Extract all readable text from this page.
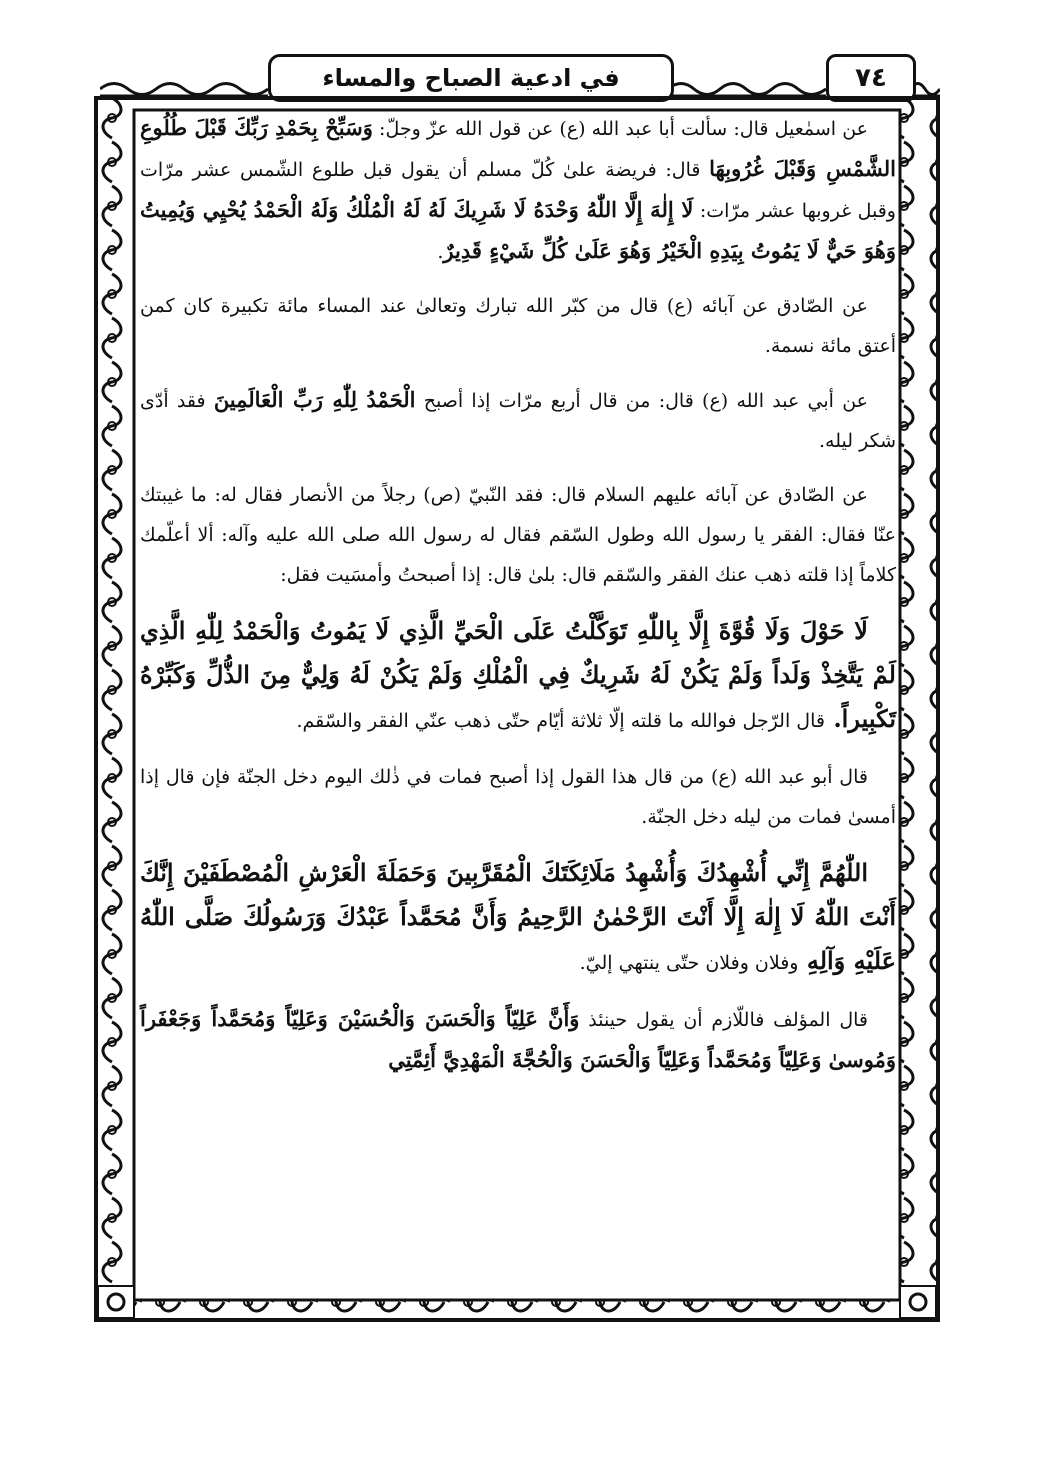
في ادعية الصباح والمساء	٧٤

عن اسمٰعيل قال: سألت أبا عبد الله (ع) عن قول الله عزّ وجلّ: وَسَبِّحْ بِحَمْدِ رَبِّكَ قَبْلَ طُلُوعِ الشَّمْسِ وَقَبْلَ غُرُوبِهَا قال: فريضة علىٰ كُلّ مسلم أن يقول قبل طلوع الشّمس عشر مرّات وقبل غروبها عشر مرّات: لَا إِلٰهَ إِلَّا اللّٰهُ وَحْدَهُ لَا شَرِيكَ لَهُ لَهُ الْمُلْكُ وَلَهُ الْحَمْدُ يُحْيِي وَيُمِيتُ وَهُوَ حَيٌّ لَا يَمُوتُ بِيَدِهِ الْخَيْرُ وَهُوَ عَلَىٰ كُلِّ شَيْءٍ قَدِيرٌ.

عن الصّادق عن آبائه (ع) قال من كبّر الله تبارك وتعالىٰ عند المساء مائة تكبيرة كان كمن أعتق مائة نسمة.

عن أبي عبد الله (ع) قال: من قال أربع مرّات إذا أصبح الْحَمْدُ لِلّٰهِ رَبِّ الْعَالَمِينَ فقد أدّى شكر ليله.

عن الصّادق عن آبائه عليهم السلام قال: فقد النّبيّ (ص) رجلاً من الأنصار فقال له: ما غيبتك عنّا فقال: الفقر يا رسول الله وطول السّقم فقال له رسول الله صلى الله عليه وآله: ألا أعلّمك كلاماً إذا قلته ذهب عنك الفقر والسّقم قال: بلىٰ قال: إذا أصبحتُ وأمسَيت فقل:

لَا حَوْلَ وَلَا قُوَّةَ إِلَّا بِاللّٰهِ تَوَكَّلْتُ عَلَى الْحَيِّ الَّذِي لَا يَمُوتُ وَالْحَمْدُ لِلّٰهِ الَّذِي لَمْ يَتَّخِذْ وَلَداً وَلَمْ يَكُنْ لَهُ شَرِيكٌ فِي الْمُلْكِ وَلَمْ يَكُنْ لَهُ وَلِيٌّ مِنَ الذُّلِّ وَكَبِّرْهُ تَكْبِيراً. قال الرّجل فوالله ما قلته إلّا ثلاثة أيّام حتّى ذهب عنّي الفقر والسّقم.

قال أبو عبد الله (ع) من قال هذا القول إذا أصبح فمات في ذٰلك اليوم دخل الجنّة فإن قال إذا أمسىٰ فمات من ليله دخل الجنّة.

اللّٰهُمَّ إِنِّي أُشْهِدُكَ وَأُشْهِدُ مَلَائِكَتَكَ الْمُقَرَّبِينَ وَحَمَلَةَ الْعَرْشِ الْمُصْطَفَيْنَ إِنَّكَ أَنْتَ اللّٰهُ لَا إِلٰهَ إِلَّا أَنْتَ الرَّحْمٰنُ الرَّحِيمُ وَأَنَّ مُحَمَّداً عَبْدُكَ وَرَسُولُكَ صَلَّى اللّٰهُ عَلَيْهِ وَآلِهِ وفلان وفلان حتّى ينتهي إليّ.

قال المؤلف فاللّازم أن يقول حينئذ وَأَنَّ عَلِيّاً وَالْحَسَنَ وَالْحُسَيْنَ وَعَلِيّاً وَمُحَمَّداً وَجَعْفَراً وَمُوسىٰ وَعَلِيّاً وَمُحَمَّداً وَعَلِيّاً وَالْحَسَنَ وَالْحُجَّةَ الْمَهْدِيَّ أَئِمَّتِي
